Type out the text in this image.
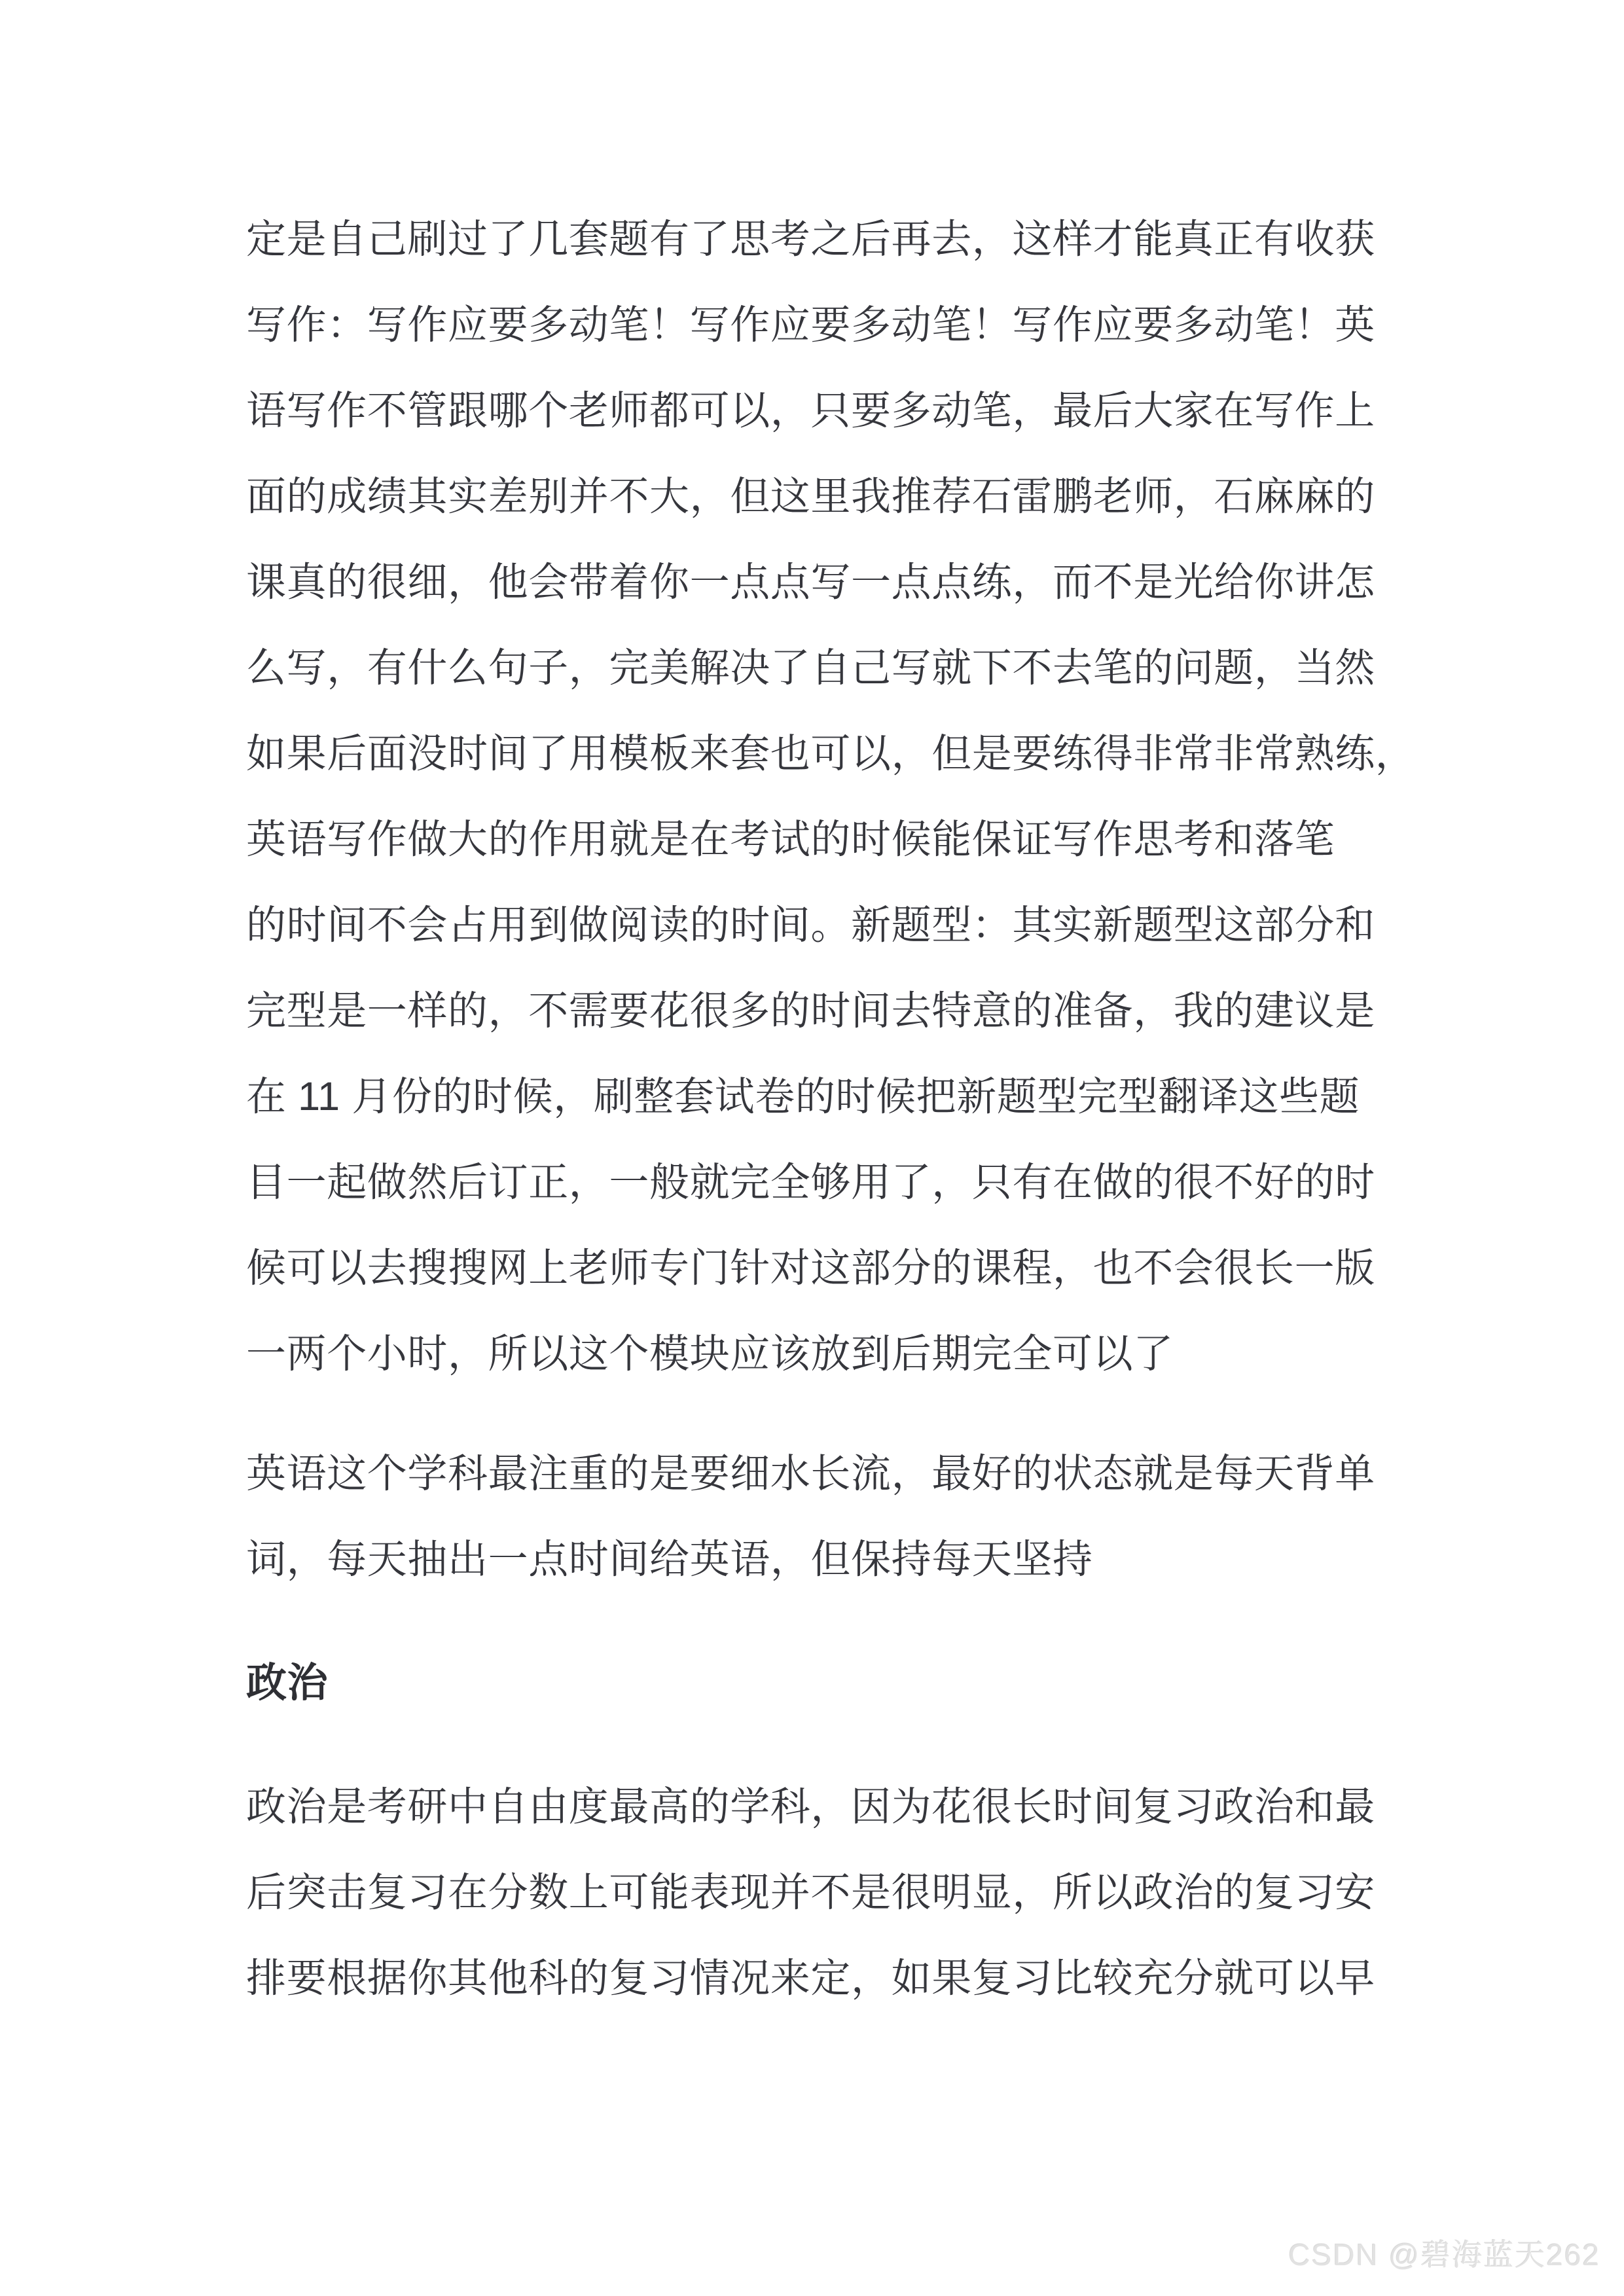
定是自己刷过了几套题有了思考之后再去，这样才能真正有收获
写作：写作应要多动笔！写作应要多动笔！写作应要多动笔！英
语写作不管跟哪个老师都可以，只要多动笔，最后大家在写作上
面的成绩其实差别并不大，但这里我推荐石雷鹏老师，石麻麻的
课真的很细，他会带着你一点点写一点点练，而不是光给你讲怎
么写，有什么句子，完美解决了自己写就下不去笔的问题，当然
如果后面没时间了用模板来套也可以，但是要练得非常非常熟练，
英语写作做大的作用就是在考试的时候能保证写作思考和落笔
的时间不会占用到做阅读的时间。新题型：其实新题型这部分和
完型是一样的，不需要花很多的时间去特意的准备，我的建议是
在 11 月份的时候，刷整套试卷的时候把新题型完型翻译这些题
目一起做然后订正，一般就完全够用了，只有在做的很不好的时
候可以去搜搜网上老师专门针对这部分的课程，也不会很长一版
一两个小时，所以这个模块应该放到后期完全可以了
英语这个学科最注重的是要细水长流，最好的状态就是每天背单
词，每天抽出一点时间给英语，但保持每天坚持
政治
政治是考研中自由度最高的学科，因为花很长时间复习政治和最
后突击复习在分数上可能表现并不是很明显，所以政治的复习安
排要根据你其他科的复习情况来定，如果复习比较充分就可以早
CSDN @碧海蓝天262
